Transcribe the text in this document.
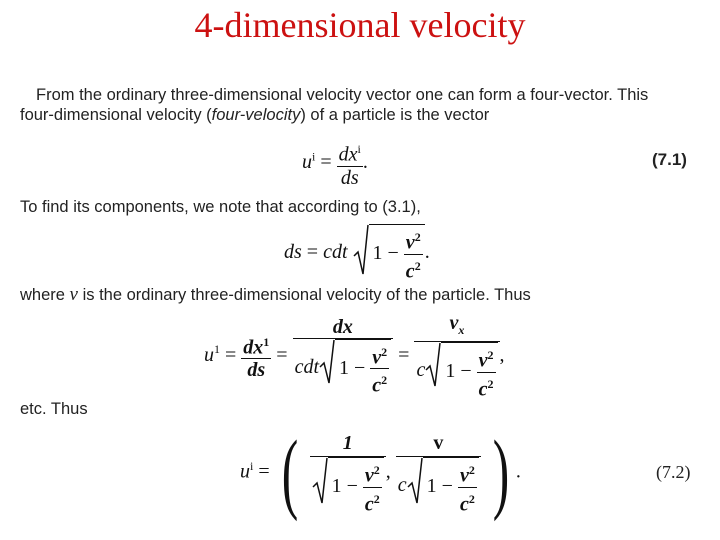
4-dimensional velocity
From the ordinary three-dimensional velocity vector one can form a four-vector. This
four-dimensional velocity (four-velocity) of a particle is the vector
$u^i = \frac{dx^i}{ds}$ .	(7.1)
To find its components, we note that according to (3.1),
ds = cdt $1 - \frac{v^2}{c^2}$ .
where v is the ordinary three-dimensional velocity of the particle. Thus
$u^1 = \frac{dx^1}{ds} = \frac{dx}{cdt 1 - \frac{v^2}{c^2}} = \frac{v_x}{c 1 - \frac{v^2}{c^2}}$ ,
etc. Thus
$u^i$ = ( $\frac{1}{1 - \frac{v^2}{c^2}}$ , $\frac{v}{c 1 - \frac{v^2}{c^2}}$ ) .	(7.2)
